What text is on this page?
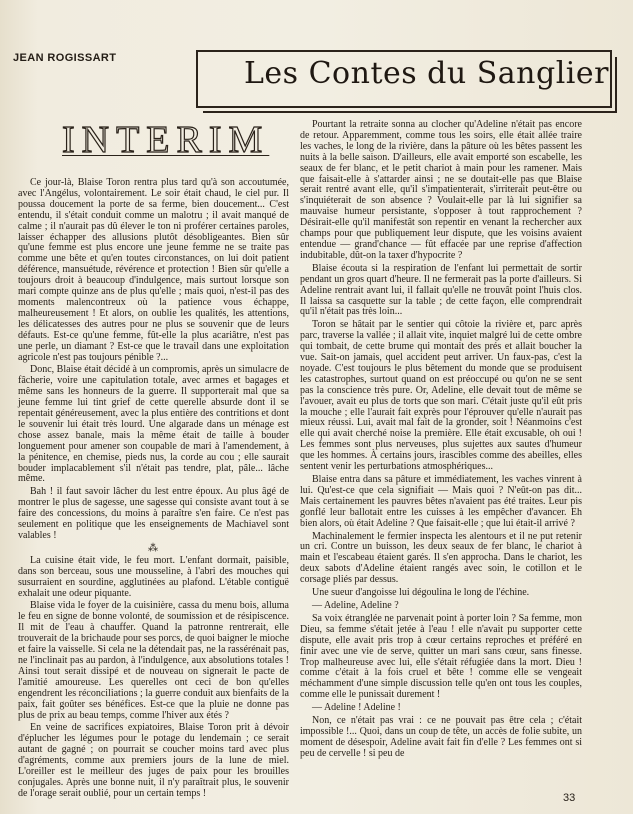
JEAN ROGISSART	Les Contes du Sanglier
INTERIM

Ce jour-là, Blaise Toron rentra plus tard qu'à son accoutumée, avec l'Angélus, volontairement. Le soir était chaud, le ciel pur. Il poussa doucement la porte de sa ferme, bien doucement... C'est entendu, il s'était conduit comme un malotru ; il avait manqué de calme ; il n'aurait pas dû élever le ton ni proférer certaines paroles, laisser échapper des allusions plutôt désobligeantes. Bien sûr qu'une femme est plus encore une jeune femme ne se traite pas comme une bête et qu'en toutes circonstances, on lui doit patient déférence, mansuétude, révérence et protection ! Bien sûr qu'elle a toujours droit à beaucoup d'indulgence, mais surtout lorsque son mari compte quinze ans de plus qu'elle ; mais quoi, n'est-il pas des moments malencontreux où la patience vous échappe, malheureusement ! Et alors, on oublie les qualités, les attentions, les délicatesses des autres pour ne plus se souvenir que de leurs défauts. Est-ce qu'une femme, fût-elle la plus acariâtre, n'est pas une perle, un diamant ? Est-ce que le travail dans une exploitation agricole n'est pas toujours pénible ?...

Donc, Blaise était décidé à un compromis, après un simulacre de fâcherie, voire une capitulation totale, avec armes et bagages et même sans les honneurs de la guerre. Il supporterait mal que sa jeune femme lui tint grief de cette querelle absurde dont il se repentait généreusement, avec la plus entière des contritions et dont le souvenir lui était très lourd. Une algarade dans un ménage est chose assez banale, mais la même était de taille à bouder longuement pour amener son coupable de mari à l'amendement, à la pénitence, en chemise, pieds nus, la corde au cou ; elle saurait bouder implacablement s'il n'était pas tendre, plat, pâle... lâche même.

Bah ! il faut savoir lâcher du lest entre époux. Au plus âgé de montrer le plus de sagesse, une sagesse qui consiste avant tout à se faire des concessions, du moins à paraître s'en faire. Ce n'est pas seulement en politique que les enseignements de Machiavel sont valables !

⁂

La cuisine était vide, le feu mort. L'enfant dormait, paisible, dans son berceau, sous une mousseline, à l'abri des mouches qui susurraient en sourdine, agglutinées au plafond. L'étable contiguë exhalait une odeur piquante.

Blaise vida le foyer de la cuisinière, cassa du menu bois, alluma le feu en signe de bonne volonté, de soumission et de résipiscence. Il mit de l'eau à chauffer. Quand la patronne rentrerait, elle trouverait de la brichaude pour ses porcs, de quoi baigner le mioche et faire la vaisselle. Si cela ne la détendait pas, ne la rassérénait pas, ne l'inclinait pas au pardon, à l'indulgence, aux absolutions totales ! Ainsi tout serait dissipé et de nouveau on signerait le pacte de l'amitié amoureuse. Les querelles ont ceci de bon qu'elles engendrent les réconciliations ; la guerre conduit aux bienfaits de la paix, fait goûter ses bénéfices. Est-ce que la pluie ne donne pas plus de prix au beau temps, comme l'hiver aux étés ?

En veine de sacrifices expiatoires, Blaise Toron prit à dévoir d'éplucher les légumes pour le potage du lendemain ; ce serait autant de gagné ; on pourrait se coucher moins tard avec plus d'agréments, comme aux premiers jours de la lune de miel. L'oreiller est le meilleur des juges de paix pour les brouilles conjugales. Après une bonne nuit, il n'y paraîtrait plus, le souvenir de l'orage serait oublié, pour un certain temps !

Pourtant la retraite sonna au clocher qu'Adeline n'était pas encore de retour. Apparemment, comme tous les soirs, elle était allée traire les vaches, le long de la rivière, dans la pâture où les bêtes passent les nuits à la belle saison. D'ailleurs, elle avait emporté son escabelle, les seaux de fer blanc, et le petit chariot à main pour les ramener. Mais que faisait-elle à s'attarder ainsi ; ne se doutait-elle pas que Blaise serait rentré avant elle, qu'il s'impatienterait, s'irriterait peut-être ou s'inquiéterait de son absence ? Voulait-elle par là lui signifier sa mauvaise humeur persistante, s'opposer à tout rapprochement ? Désirait-elle qu'il manifestât son repentir en venant la rechercher aux champs pour que publiquement leur dispute, que les voisins avaient entendue — grand'chance — fût effacée par une reprise d'affection indubitable, dût-on la taxer d'hypocrite ?

Blaise écouta si la respiration de l'enfant lui permettait de sortir pendant un gros quart d'heure. Il ne fermerait pas la porte d'ailleurs. Si Adeline rentrait avant lui, il fallait qu'elle ne trouvât point l'huis clos. Il laissa sa casquette sur la table ; de cette façon, elle comprendrait qu'il n'était pas très loin...

Toron se hâtait par le sentier qui côtoie la rivière et, parc après parc, traverse la vallée ; il allait vite, inquiet malgré lui de cette ombre qui tombait, de cette brume qui montait des prés et allait boucher la vue. Sait-on jamais, quel accident peut arriver. Un faux-pas, c'est la noyade. C'est toujours le plus bêtement du monde que se produisent les catastrophes, surtout quand on est préoccupé ou qu'on ne se sent pas la conscience très pure. Or, Adeline, elle devait tout de même se l'avouer, avait eu plus de torts que son mari. C'était juste qu'il eût pris la mouche ; elle l'aurait fait exprès pour l'éprouver qu'elle n'aurait pas mieux réussi. Lui, avait mal fait de la gronder, soit ! Néanmoins c'est elle qui avait cherché noise la première. Elle était excusable, oh oui ! Les femmes sont plus nerveuses, plus sujettes aux sautes d'humeur que les hommes. À certains jours, irascibles comme des abeilles, elles sentent venir les perturbations atmosphériques...

Blaise entra dans sa pâture et immédiatement, les vaches vinrent à lui. Qu'est-ce que cela signifiait — Mais quoi ? N'eût-on pas dit... Mais certainement les pauvres bêtes n'avaient pas été traites. Leur pis gonflé leur ballotait entre les cuisses à les empêcher d'avancer. Eh bien alors, où était Adeline ? Que faisait-elle ; que lui était-il arrivé ?

Machinalement le fermier inspecta les alentours et il ne put retenir un cri. Contre un buisson, les deux seaux de fer blanc, le chariot à main et l'escabeau étaient garés. Il s'en approcha. Dans le chariot, les deux sabots d'Adeline étaient rangés avec soin, le cotillon et le corsage pliés par dessus.

Une sueur d'angoisse lui dégoulina le long de l'échine.

— Adeline, Adeline ?

Sa voix étranglée ne parvenait point à porter loin ? Sa femme, mon Dieu, sa femme s'était jetée à l'eau ! elle n'avait pu supporter cette dispute, elle avait pris trop à cœur certains reproches et préféré en finir avec une vie de serve, quitter un mari sans cœur, sans finesse. Trop malheureuse avec lui, elle s'était réfugiée dans la mort. Dieu ! comme c'était à la fois cruel et bête ! comme elle se vengeait méchamment d'une simple discussion telle qu'en ont tous les couples, comme elle le punissait durement !

— Adeline ! Adeline !

Non, ce n'était pas vrai : ce ne pouvait pas être cela ; c'était impossible !... Quoi, dans un coup de tête, un accès de folie subite, un moment de désespoir, Adeline avait fait fin d'elle ? Les femmes ont si peu de cervelle ! si peu de

33
